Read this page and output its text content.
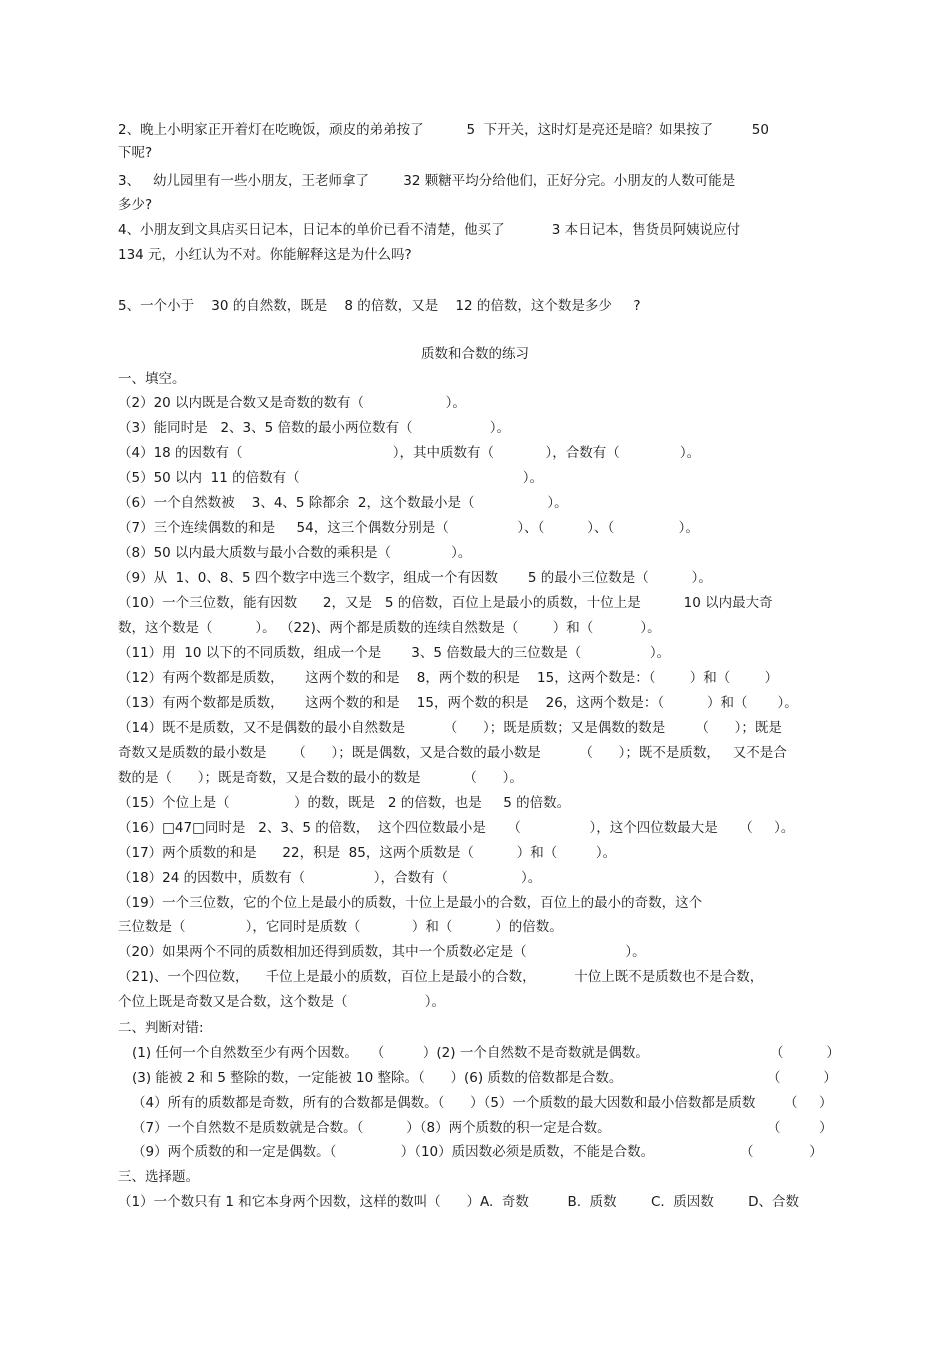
2、晚上小明家正开着灯在吃晚饭，顽皮的弟弟按了          5  下开关，这时灯是亮还是暗？如果按了         50
下呢?
3、   幼儿园里有一些小朋友，王老师拿了        32 颗糖平均分给他们，正好分完。小朋友的人数可能是
多少?
4、小朋友到文具店买日记本，日记本的单价已看不清楚，他买了           3 本日记本，售货员阿姨说应付
134 元，小红认为不对。你能解释这是为什么吗?
5、一个小于    30 的自然数，既是    8 的倍数，又是    12 的倍数，这个数是多少     ?
质数和合数的练习
一、填空。
（2）20 以内既是合数又是奇数的数有（                   ）。
（3）能同时是   2、3、5 倍数的最小两位数有（                  ）。
（4）18 的因数有（                                   ），其中质数有（            ），合数有（              ）。
（5）50 以内  11 的倍数有（                                                    ）。
（6）一个自然数被    3、4、5 除都余  2，这个数最小是（                 ）。
（7）三个连续偶数的和是     54，这三个偶数分别是（                ）、（          ）、（               ）。
（8）50 以内最大质数与最小合数的乘积是（              ）。
（9）从  1、0、8、5 四个数字中选三个数字，组成一个有因数       5 的最小三位数是（          ）。
（10）一个三位数，能有因数      2，又是   5 的倍数，百位上是最小的质数，十位上是          10 以内最大奇
数，这个数是（          ）。 （22)、两个都是质数的连续自然数是（        ）和（           ）。
（11）用  10 以下的不同质数，组成一个是       3、5 倍数最大的三位数是（                ）。
（12）有两个数都是质数，     这两个数的和是    8，两个数的积是    15，这两个数是：（        ）和（        ）
（13）有两个数都是质数，     这两个数的和是    15，两个数的积是    26，这两个数是：（          ）和（       ）。
（14）既不是质数，又不是偶数的最小自然数是         （      ）；既是质数；又是偶数的数是       （      ）；既是
奇数又是质数的最小数是      （      ）；既是偶数，又是合数的最小数是         （      ）；既不是质数，   又不是合
数的是（      ）；既是奇数，又是合数的最小的数是          （      ）。
（15）个位上是（               ）的数，既是   2 的倍数，也是     5 的倍数。
（16）□47□同时是   2、3、5 的倍数，  这个四位数最小是     （                ），这个四位数最大是     （     ）。
（17）两个质数的和是      22，积是  85，这两个质数是（          ）和（         ）。
（18）24 的因数中，质数有（                ），合数有（                 ）。
（19）一个三位数，它的个位上是最小的质数，十位上是最小的合数，百位上的最小的奇数，这个
三位数是（              ），它同时是质数（            ）和（          ）的倍数。
（20）如果两个不同的质数相加还得到质数，其中一个质数必定是（                       ）。
（21)、一个四位数，    千位上是最小的质数，百位上是最小的合数，         十位上既不是质数也不是合数，
个位上既是奇数又是合数，这个数是（                  ）。
二、判断对错:
(1) 任何一个自然数至少有两个因数。   （         ）(2) 一个自然数不是奇数就是偶数。	（          ）
(3) 能被 2 和 5 整除的数，一定能被 10 整除。（      ）(6) 质数的倍数都是合数。	（          ）
（4）所有的质数都是奇数，所有的合数都是偶数。（      ）（5）一个质数的最大因数和最小倍数都是质数 （     ）
（7）一个自然数不是质数就是合数。（          ）（8）两个质数的积一定是合数。	（         ）
（9）两个质数的和一定是偶数。（               ）（10）质因数必须是质数，不能是合数。	（             ）
三、选择题。
（1）一个数只有 1 和它本身两个因数，这样的数叫（      ）A.  奇数         B.  质数        C.  质因数        D、合数
